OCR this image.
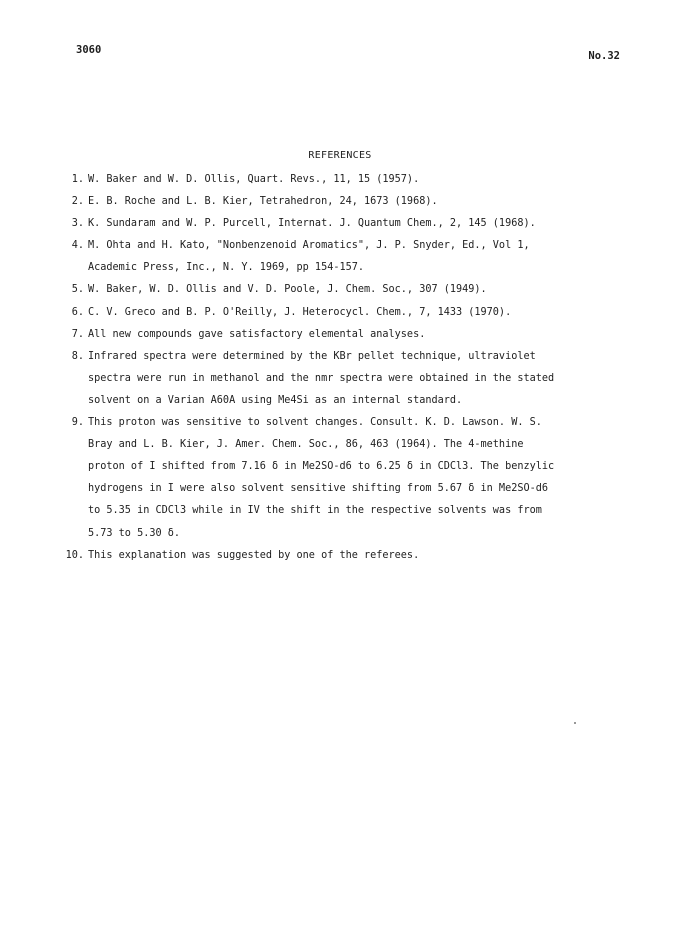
3060	No.32
REFERENCES
1. W. Baker and W. D. Ollis, Quart. Revs., 11, 15 (1957).
2. E. B. Roche and L. B. Kier, Tetrahedron, 24, 1673 (1968).
3. K. Sundaram and W. P. Purcell, Internat. J. Quantum Chem., 2, 145 (1968).
4. M. Ohta and H. Kato, "Nonbenzenoid Aromatics", J. P. Snyder, Ed., Vol 1,
Academic Press, Inc., N. Y. 1969, pp 154-157.
5. W. Baker, W. D. Ollis and V. D. Poole, J. Chem. Soc., 307 (1949).
6. C. V. Greco and B. P. O'Reilly, J. Heterocycl. Chem., 7, 1433 (1970).
7. All new compounds gave satisfactory elemental analyses.
8. Infrared spectra were determined by the KBr pellet technique, ultraviolet
spectra were run in methanol and the nmr spectra were obtained in the stated
solvent on a Varian A60A using Me4Si as an internal standard.
9. This proton was sensitive to solvent changes. Consult. K. D. Lawson. W. S.
Bray and L. B. Kier, J. Amer. Chem. Soc., 86, 463 (1964). The 4-methine
proton of I shifted from 7.16 δ in Me2SO-d6 to 6.25 δ in CDCl3. The benzylic
hydrogens in I were also solvent sensitive shifting from 5.67 δ in Me2SO-d6
to 5.35 in CDCl3 while in IV the shift in the respective solvents was from
5.73 to 5.30 δ.
10. This explanation was suggested by one of the referees.
